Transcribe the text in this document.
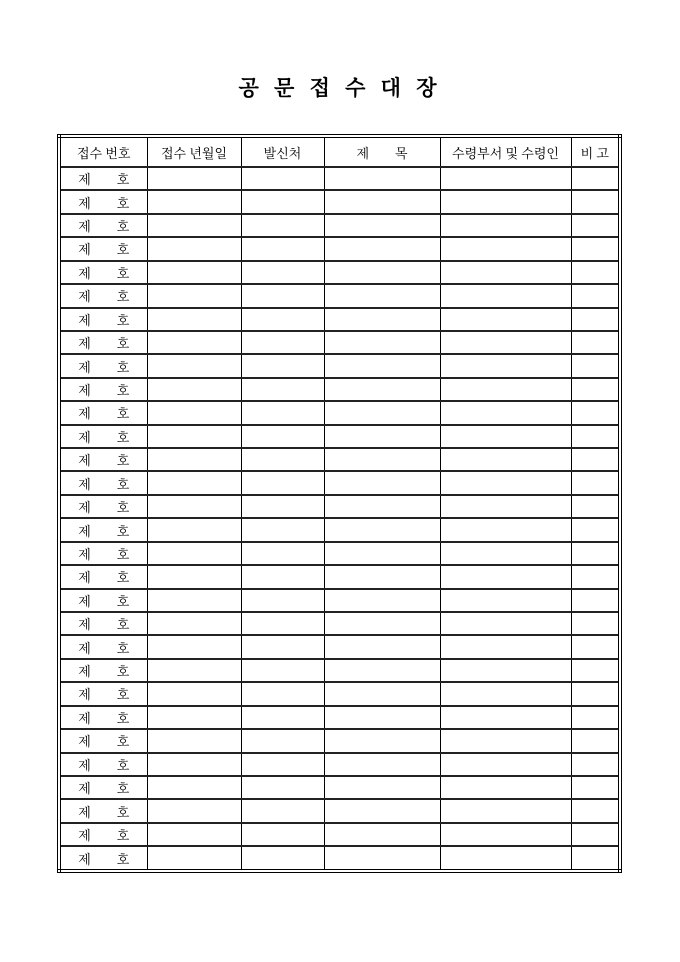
공 문 접 수 대 장
접수 번호	접수 년월일	발신처	제        목	수령부서 및 수령인	비 고
제        호					
제        호					
제        호					
제        호					
제        호					
제        호					
제        호					
제        호					
제        호					
제        호					
제        호					
제        호					
제        호					
제        호					
제        호					
제        호					
제        호					
제        호					
제        호					
제        호					
제        호					
제        호					
제        호					
제        호					
제        호					
제        호					
제        호					
제        호					
제        호					
제        호					
